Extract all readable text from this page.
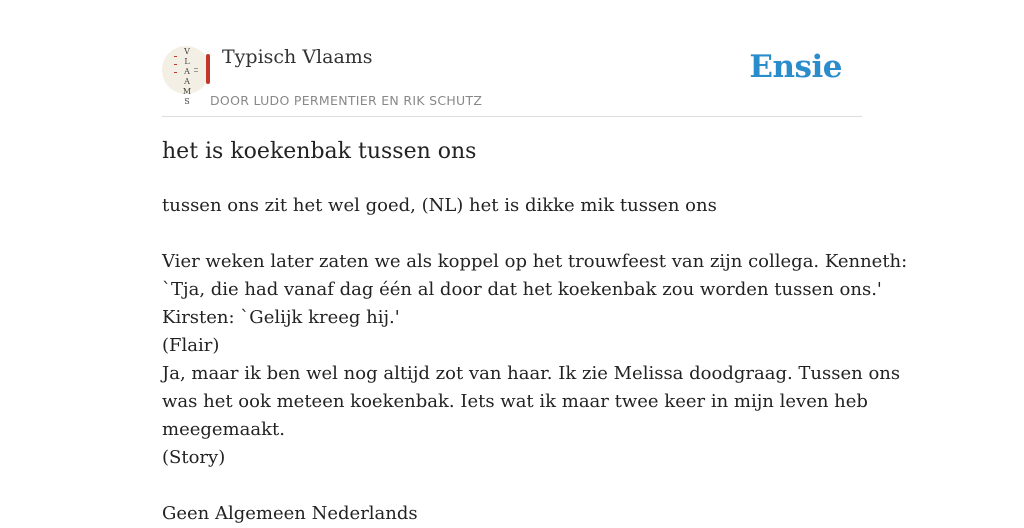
V
L
A
A
M
S
Typisch Vlaams
DOOR LUDO PERMENTIER EN RIK SCHUTZ
Ensie
het is koekenbak tussen ons
tussen ons zit het wel goed, (NL) het is dikke mik tussen ons
Vier weken later zaten we als koppel op het trouwfeest van zijn collega. Kenneth:
`Tja, die had vanaf dag één al door dat het koekenbak zou worden tussen ons.'
Kirsten: `Gelijk kreeg hij.'
(Flair)
Ja, maar ik ben wel nog altijd zot van haar. Ik zie Melissa doodgraag. Tussen ons
was het ook meteen koekenbak. Iets wat ik maar twee keer in mijn leven heb
meegemaakt.
(Story)
Geen Algemeen Nederlands
